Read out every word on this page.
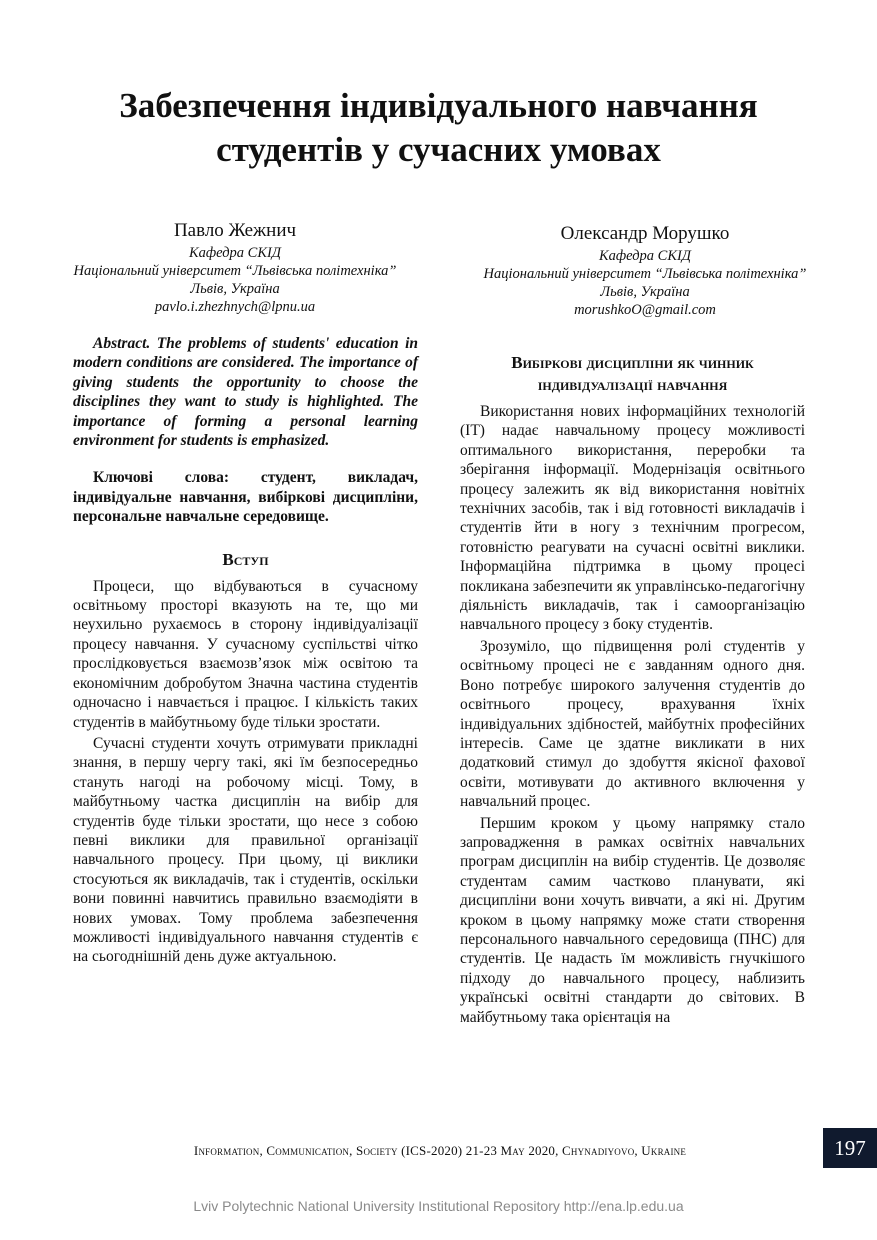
Забезпечення індивідуального навчання
студентів у сучасних умовах
Павло Жежнич
Кафедра СКІД
Національний університет “Львівська політехніка”
Львів, Україна
pavlo.i.zhezhnych@lpnu.ua
Олександр Морушко
Кафедра СКІД
Національний університет “Львівська політехніка”
Львів, Україна
morushkoO@gmail.com

Abstract. The problems of students' education in modern conditions are considered. The importance of giving students the opportunity to choose the disciplines they want to study is highlighted. The importance of forming a personal learning environment for students is emphasized.

Ключові слова: студент, викладач, індивідуальне навчання, вибіркові дисципліни, персональне навчальне середовище.

Вступ

Процеси, що відбуваються в сучасному освітньому просторі вказують на те, що ми неухильно рухаємось в сторону індивідуалізації процесу навчання. У сучасному суспільстві чітко прослідковується взаємозв’язок між освітою та економічним добробутом Значна частина студентів одночасно і навчається і працює. І кількість таких студентів в майбутньому буде тільки зростати.

Сучасні студенти хочуть отримувати прикладні знання, в першу чергу такі, які їм безпосередньо стануть нагоді на робочому місці. Тому, в майбутньому частка дисциплін на вибір для студентів буде тільки зростати, що несе з собою певні виклики для правильної організації навчального процесу. При цьому, ці виклики стосуються як викладачів, так і студентів, оскільки вони повинні навчитись правильно взаємодіяти в нових умовах. Тому проблема забезпечення можливості індивідуального навчання студентів є на сьогоднішній день дуже актуальною.

Вибіркові дисципліни як чинник
індивідуалізації навчання

Використання нових інформаційних технологій (ІТ) надає навчальному процесу можливості оптимального використання, переробки та зберігання інформації. Модернізація освітнього процесу залежить як від використання новітніх технічних засобів, так і від готовності викладачів і студентів йти в ногу з технічним прогресом, готовністю реагувати на сучасні освітні виклики. Інформаційна підтримка в цьому процесі покликана забезпечити як управлінсько-педагогічну діяльність викладачів, так і самоорганізацію навчального процесу з боку студентів.

Зрозуміло, що підвищення ролі студентів у освітньому процесі не є завданням одного дня. Воно потребує широкого залучення студентів до освітнього процесу, врахування їхніх індивідуальних здібностей, майбутніх професійних інтересів. Саме це здатне викликати в них додатковий стимул до здобуття якісної фахової освіти, мотивувати до активного включення у навчальний процес.

Першим кроком у цьому напрямку стало запровадження в рамках освітніх навчальних програм дисциплін на вибір студентів. Це дозволяє студентам самим частково планувати, які дисципліни вони хочуть вивчати, а які ні. Другим кроком в цьому напрямку може стати створення персонального навчального середовища (ПНС) для студентів. Це надасть їм можливість гнучкішого підходу до навчального процесу, наблизить українські освітні стандарти до світових. В майбутньому така орієнтація на

Information, Communication, Society (ICS-2020) 21-23 May 2020, Chynadiyovo, Ukraine	197
Lviv Polytechnic National University Institutional Repository http://ena.lp.edu.ua
